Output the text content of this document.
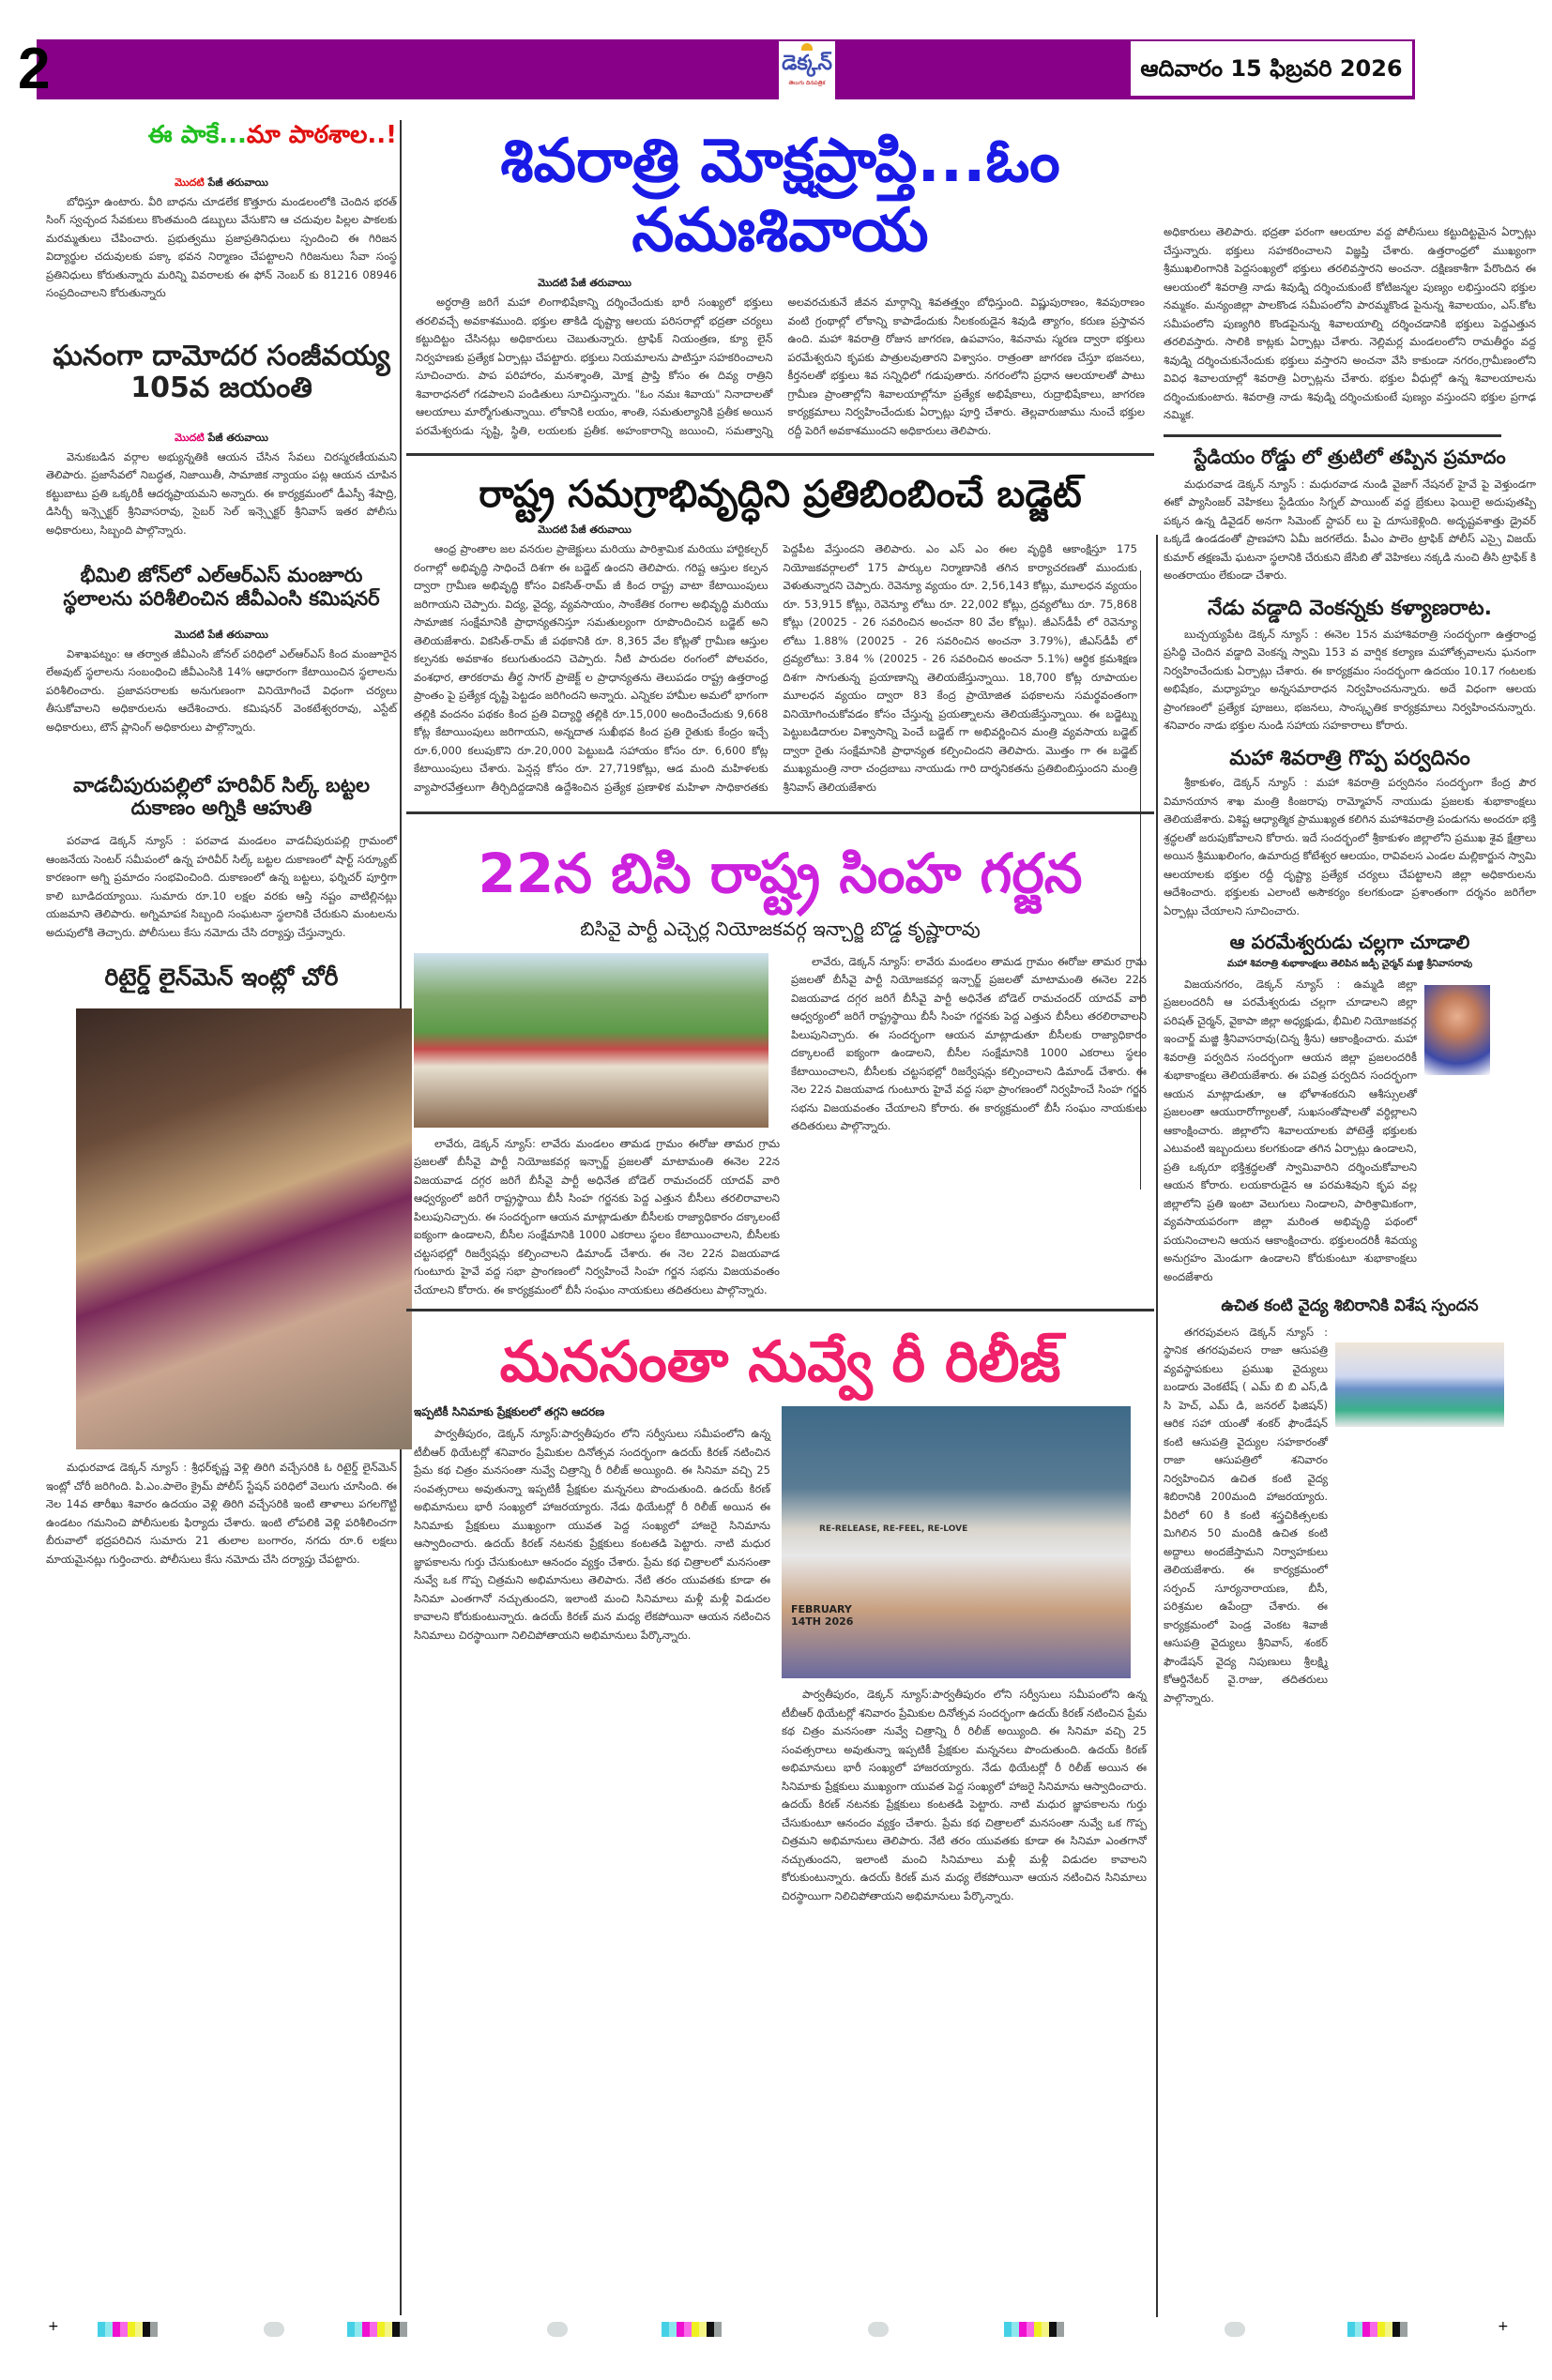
2	డెక్కన్
తెలుగు దినపత్రిక
ఆదివారం 15 ఫిబ్రవరి 2026
ఈ పాకే...మా పాఠశాల..!
మొదటి పేజీ తరువాయి

బోధిస్తూ ఉంటారు. వీరి బాధను చూడలేక కొత్తూరు మండలంలోకి చెందిన భరత్ సింగ్ స్వచ్ఛంద సేవకులు కొంతమంది డబ్బులు వేసుకొని ఆ చదువుల పిల్లల పాకలకు మరమ్మతులు చేపించారు. ప్రభుత్వము ప్రజాప్రతినిధులు స్పందించి ఈ గిరిజన విద్యార్థుల చదువులకు పక్కా భవన నిర్మాణం చేపట్టాలని గిరిజనులు సేవా సంస్థ ప్రతినిధులు కోరుతున్నారు మరిన్ని వివరాలకు ఈ ఫోన్ నెంబర్ కు 81216 08946 సంప్రదించాలని కోరుతున్నారు

ఘనంగా దామోదర సంజీవయ్య 105వ జయంతి
మొదటి పేజీ తరువాయి

వెనుకబడిన వర్గాల అభ్యున్నతికి ఆయన చేసిన సేవలు చిరస్మరణీయమని తెలిపారు. ప్రజాసేవలో నిబద్ధత, నిజాయితీ, సామాజిక న్యాయం పట్ల ఆయన చూపిన కట్టుబాటు ప్రతి ఒక్కరికీ ఆదర్శప్రాయమని అన్నారు. ఈ కార్యక్రమంలో డీఎస్పీ శేషాద్రి, డిసిర్బీ ఇన్స్పెక్టర్ శ్రీనివాసరావు, సైబర్ సెల్ ఇన్స్పెక్టర్ శ్రీనివాస్ ఇతర పోలీసు అధికారులు, సిబ్బంది పాల్గొన్నారు.

భీమిలి జోన్‌లో ఎల్‌ఆర్‌ఎస్ మంజూరు స్థలాలను పరిశీలించిన జీవీఎంసి కమిషనర్
మొదటి పేజీ తరువాయి

విశాఖపట్నం: ఆ తర్వాత జీవీఎంసి జోనల్ పరిధిలో ఎల్‌ఆర్‌ఎస్ కింద మంజూరైన లేఅవుట్ స్థలాలను సంబంధించి జీవీఎంసికి 14% ఆధారంగా కేటాయించిన స్థలాలను పరిశీలించారు. ప్రజావసరాలకు అనుగుణంగా వినియోగించే విధంగా చర్యలు తీసుకోవాలని అధికారులను ఆదేశించారు. కమిషనర్ వెంకటేశ్వరరావు, ఎస్టేట్ అధికారులు, టౌన్ ప్లానింగ్ అధికారులు పాల్గొన్నారు.

వాడచీపురుపల్లిలో హరివీర్ సిల్క్ బట్టల దుకాణం అగ్నికి ఆహుతి

పరవాడ డెక్కన్ న్యూస్ : పరవాడ మండలం వాడచీపురుపల్లి గ్రామంలో ఆంజనేయ సెంటర్ సమీపంలో ఉన్న హరివీర్ సిల్క్ బట్టల దుకాణంలో షార్ట్ సర్క్యూట్ కారణంగా అగ్ని ప్రమాదం సంభవించింది. దుకాణంలో ఉన్న బట్టలు, ఫర్నిచర్ పూర్తిగా కాలి బూడిదయ్యాయి. సుమారు రూ.10 లక్షల వరకు ఆస్తి నష్టం వాటిల్లినట్లు యజమాని తెలిపారు. అగ్నిమాపక సిబ్బంది సంఘటనా స్థలానికి చేరుకుని మంటలను అదుపులోకి తెచ్చారు. పోలీసులు కేసు నమోదు చేసి దర్యాప్తు చేస్తున్నారు.

రిటైర్డ్ లైన్‌మెన్ ఇంట్లో చోరీ

మధురవాడ డెక్కన్ న్యూస్ : శ్రీధర్‌కృష్ణ వెళ్లి తిరిగి వచ్చేసరికి ఓ రిటైర్డ్ లైన్‌మెన్ ఇంట్లో చోరీ జరిగింది. పి.ఎం.పాలెం క్రైమ్ పోలీస్ స్టేషన్ పరిధిలో వెలుగు చూసింది. ఈ నెల 14వ తారీఖు శివారం ఉదయం వెళ్లి తిరిగి వచ్చేసరికి ఇంటి తాళాలు పగలగొట్టి ఉండటం గమనించి పోలీసులకు ఫిర్యాదు చేశారు. ఇంటి లోపలికి వెళ్లి పరిశీలించగా బీరువాలో భద్రపరిచిన సుమారు 21 తులాల బంగారం, నగదు రూ.6 లక్షలు మాయమైనట్లు గుర్తించారు. పోలీసులు కేసు నమోదు చేసి దర్యాప్తు చేపట్టారు.

శివరాత్రి మోక్షప్రాప్తి...ఓం నమఃశివాయ
మొదటి పేజీ తరువాయి

అర్ధరాత్రి జరిగే మహా లింగాభిషేకాన్ని దర్శించేందుకు భారీ సంఖ్యలో భక్తులు తరలివచ్చే అవకాశముంది. భక్తుల తాకిడి దృష్ట్యా ఆలయ పరిసరాల్లో భద్రతా చర్యలు కట్టుదిట్టం చేసినట్లు అధికారులు చెబుతున్నారు. ట్రాఫిక్ నియంత్రణ, క్యూ లైన్ నిర్వహణకు ప్రత్యేక ఏర్పాట్లు చేపట్టారు. భక్తులు నియమాలను పాటిస్తూ సహకరించాలని సూచించారు. పాప పరిహారం, మనశ్శాంతి, మోక్ష ప్రాప్తి కోసం ఈ దివ్య రాత్రిని శివారాధనలో గడపాలని పండితులు సూచిస్తున్నారు. "ఓం నమః శివాయ" నినాదాలతో ఆలయాలు మార్మోగుతున్నాయి. లోకానికి లయం, శాంతి, సమతుల్యానికి ప్రతీక అయిన పరమేశ్వరుడు సృష్టి, స్థితి, లయలకు ప్రతీక. అహంకారాన్ని జయించి, సమత్వాన్ని అలవరచుకునే జీవన మార్గాన్ని శివతత్త్వం బోధిస్తుంది. విష్ణుపురాణం, శివపురాణం వంటి గ్రంథాల్లో లోకాన్ని కాపాడేందుకు నీలకంఠుడైన శివుడి త్యాగం, కరుణ ప్రస్తావన ఉంది. మహా శివరాత్రి రోజున జాగరణ, ఉపవాసం, శివనామ స్మరణ ద్వారా భక్తులు పరమేశ్వరుని కృపకు పాత్రులవుతారని విశ్వాసం. రాత్రంతా జాగరణ చేస్తూ భజనలు, కీర్తనలతో భక్తులు శివ సన్నిధిలో గడుపుతారు. నగరంలోని ప్రధాన ఆలయాలతో పాటు గ్రామీణ ప్రాంతాల్లోని శివాలయాల్లోనూ ప్రత్యేక అభిషేకాలు, రుద్రాభిషేకాలు, జాగరణ కార్యక్రమాలు నిర్వహించేందుకు ఏర్పాట్లు పూర్తి చేశారు. తెల్లవారుజాము నుంచే భక్తుల రద్దీ పెరిగే అవకాశముందని అధికారులు తెలిపారు.

రాష్ట్ర సమగ్రాభివృద్ధిని ప్రతిబింబించే బడ్జెట్
మొదటి పేజీ తరువాయి

ఆంధ్ర ప్రాంతాల జల వనరుల ప్రాజెక్టులు మరియు పారిశ్రామిక మరియు హార్టికల్చర్ రంగాల్లో అభివృద్ధి సాధించే దిశగా ఈ బడ్జెట్ ఉందని తెలిపారు. గరిష్ట ఆస్తుల కల్పన ద్వారా గ్రామీణ అభివృద్ధి కోసం వికసిత్-రామ్ జీ కింద రాష్ట్ర వాటా కేటాయింపులు జరిగాయని చెప్పారు. విద్య, వైద్య, వ్యవసాయం, సాంకేతిక రంగాల అభివృద్ధి మరియు సామాజిక సంక్షేమానికి ప్రాధాన్యతనిస్తూ సమతుల్యంగా రూపొందించిన బడ్జెట్ అని తెలియజేశారు. వికసిత్-రామ్ జీ పథకానికి రూ. 8,365 వేల కోట్లతో గ్రామీణ ఆస్తుల కల్పనకు అవకాశం కలుగుతుందని చెప్పారు. నీటి పారుదల రంగంలో పోలవరం, వంశధార, తారకరామ తీర్థ సాగర్ ప్రాజెక్ట్ ల ప్రాధాన్యతను తెలుపడం రాష్ట్ర ఉత్తరాంధ్ర ప్రాంతం పై ప్రత్యేక దృష్టి పెట్టడం జరిగిందని అన్నారు. ఎన్నికల హామీల అమలో భాగంగా తల్లికి వందనం పథకం కింద ప్రతి విద్యార్థి తల్లికి రూ.15,000 అందించేందుకు 9,668 కోట్ల కేటాయింపులు జరిగాయని, అన్నదాత సుఖీభవ కింద ప్రతి రైతుకు కేంద్రం ఇచ్చే రూ.6,000 కలుపుకొని రూ.20,000 పెట్టుబడి సహాయం కోసం రూ. 6,600 కోట్ల కేటాయింపులు చేశారు. పెన్షన్ల కోసం రూ. 27,719కోట్లు, ఆడ మంది మహిళలకు వ్యాపారవేత్తలుగా తీర్చిదిద్దడానికి ఉద్దేశించిన ప్రత్యేక ప్రణాళిక మహిళా సాధికారతకు పెద్దపీట వేస్తుందని తెలిపారు. ఎం ఎస్ ఎం ఈల వృద్ధికి ఆకాంక్షిస్తూ 175 నియోజకవర్గాలలో 175 పార్కుల నిర్మాణానికి తగిన కార్యాచరణతో ముందుకు వెళుతున్నారని చెప్పారు. రెవెన్యూ వ్యయం రూ. 2,56,143 కోట్లు, మూలధన వ్యయం రూ. 53,915 కోట్లు, రెవెన్యూ లోటు రూ. 22,002 కోట్లు, ద్రవ్యలోటు రూ. 75,868 కోట్లు (20025 - 26 సవరించిన అంచనా 80 వేల కోట్లు). జీఎస్‌డీపీ లో రెవెన్యూ లోటు 1.88% (20025 - 26 సవరించిన అంచనా 3.79%), జీఎస్‌డీపీ లో ద్రవ్యలోటు: 3.84 % (20025 - 26 సవరించిన అంచనా 5.1%) ఆర్థిక క్రమశిక్షణ దిశగా సాగుతున్న ప్రయాణాన్ని తెలియజేస్తున్నాయి. 18,700 కోట్ల రూపాయల మూలధన వ్యయం ద్వారా 83 కేంద్ర ప్రాయోజిత పథకాలను సమర్థవంతంగా వినియోగించుకోవడం కోసం చేస్తున్న ప్రయత్నాలను తెలియజేస్తున్నాయి. ఈ బడ్జెట్ను పెట్టుబడిదారుల విశ్వాసాన్ని పెంచే బడ్జెట్ గా అభివర్ణించిన మంత్రి వ్యవసాయ బడ్జెట్ ద్వారా రైతు సంక్షేమానికి ప్రాధాన్యత కల్పించిందని తెలిపారు. మొత్తం గా ఈ బడ్జెట్ ముఖ్యమంత్రి నారా చంద్రబాబు నాయుడు గారి దార్శనికతను ప్రతిబింబిస్తుందని మంత్రి శ్రీనివాస్ తెలియజేశారు

22న బిసి రాష్ట్ర సింహ గర్జన
బిసివై పార్టీ ఎచ్చెర్ల నియోజకవర్గ ఇన్చార్జి బొడ్డ కృష్ణారావు

లావేరు, డెక్కన్ న్యూస్: లావేరు మండలం తామడ గ్రామం ఈరోజు తామర గ్రామ ప్రజలతో బీసీవై పార్టీ నియోజకవర్గ ఇన్చార్జ్ ప్రజలతో మాటామంతి ఈనెల 22న విజయవాడ దగ్గర జరిగే బీసీవై పార్టీ అధినేత బోడెల్ రామచందర్ యాదవ్ వారి ఆధ్వర్యంలో జరిగే రాష్ట్రస్థాయి బీసీ సింహ గర్జనకు పెద్ద ఎత్తున బీసీలు తరలిరావాలని పిలుపునిచ్చారు. ఈ సందర్భంగా ఆయన మాట్లాడుతూ బీసీలకు రాజ్యాధికారం దక్కాలంటే ఐక్యంగా ఉండాలని, బీసీల సంక్షేమానికి 1000 ఎకరాలు స్థలం కేటాయించాలని, బీసీలకు చట్టసభల్లో రిజర్వేషన్లు కల్పించాలని డిమాండ్ చేశారు. ఈ నెల 22న విజయవాడ గుంటూరు హైవే వద్ద సభా ప్రాంగణంలో నిర్వహించే సింహ గర్జన సభను విజయవంతం చేయాలని కోరారు. ఈ కార్యక్రమంలో బీసీ సంఘం నాయకులు తదితరులు పాల్గొన్నారు.

లావేరు, డెక్కన్ న్యూస్: లావేరు మండలం తామడ గ్రామం ఈరోజు తామర గ్రామ ప్రజలతో బీసీవై పార్టీ నియోజకవర్గ ఇన్చార్జ్ ప్రజలతో మాటామంతి ఈనెల 22న విజయవాడ దగ్గర జరిగే బీసీవై పార్టీ అధినేత బోడెల్ రామచందర్ యాదవ్ వారి ఆధ్వర్యంలో జరిగే రాష్ట్రస్థాయి బీసీ సింహ గర్జనకు పెద్ద ఎత్తున బీసీలు తరలిరావాలని పిలుపునిచ్చారు. ఈ సందర్భంగా ఆయన మాట్లాడుతూ బీసీలకు రాజ్యాధికారం దక్కాలంటే ఐక్యంగా ఉండాలని, బీసీల సంక్షేమానికి 1000 ఎకరాలు స్థలం కేటాయించాలని, బీసీలకు చట్టసభల్లో రిజర్వేషన్లు కల్పించాలని డిమాండ్ చేశారు. ఈ నెల 22న విజయవాడ గుంటూరు హైవే వద్ద సభా ప్రాంగణంలో నిర్వహించే సింహ గర్జన సభను విజయవంతం చేయాలని కోరారు. ఈ కార్యక్రమంలో బీసీ సంఘం నాయకులు తదితరులు పాల్గొన్నారు.

మనసంతా నువ్వే రీ రిలీజ్
ఇప్పటికీ సినిమాకు ప్రేక్షకులలో తగ్గని ఆదరణ

పార్వతీపురం, డెక్కన్ న్యూస్:పార్వతీపురం లోని సర్వీసులు సమీపంలోని ఉన్న టీబీఆర్ థియేటర్లో శనివారం ప్రేమికుల దినోత్సవ సందర్భంగా ఉదయ్ కిరణ్ నటించిన ప్రేమ కథ చిత్రం మనసంతా నువ్వే చిత్రాన్ని రీ రిలీజ్ అయ్యింది. ఈ సినిమా వచ్చి 25 సంవత్సరాలు అవుతున్నా ఇప్పటికీ ప్రేక్షకుల మన్ననలు పొందుతుంది. ఉదయ్ కిరణ్ అభిమానులు భారీ సంఖ్యలో హాజరయ్యారు. నేడు థియేటర్లో రీ రిలీజ్ అయిన ఈ సినిమాకు ప్రేక్షకులు ముఖ్యంగా యువత పెద్ద సంఖ్యలో హాజరై సినిమాను ఆస్వాదించారు. ఉదయ్ కిరణ్ నటనకు ప్రేక్షకులు కంటతడి పెట్టారు. నాటి మధుర జ్ఞాపకాలను గుర్తు చేసుకుంటూ ఆనందం వ్యక్తం చేశారు. ప్రేమ కథ చిత్రాలలో మనసంతా నువ్వే ఒక గొప్ప చిత్రమని అభిమానులు తెలిపారు. నేటి తరం యువతకు కూడా ఈ సినిమా ఎంతగానో నచ్చుతుందని, ఇలాంటి మంచి సినిమాలు మళ్లీ మళ్లీ విడుదల కావాలని కోరుకుంటున్నారు. ఉదయ్ కిరణ్ మన మధ్య లేకపోయినా ఆయన నటించిన సినిమాలు చిరస్థాయిగా నిలిచిపోతాయని అభిమానులు పేర్కొన్నారు.

RE-RELEASE, RE-FEEL, RE-LOVE
FEBRUARY 14TH 2026

పార్వతీపురం, డెక్కన్ న్యూస్:పార్వతీపురం లోని సర్వీసులు సమీపంలోని ఉన్న టీబీఆర్ థియేటర్లో శనివారం ప్రేమికుల దినోత్సవ సందర్భంగా ఉదయ్ కిరణ్ నటించిన ప్రేమ కథ చిత్రం మనసంతా నువ్వే చిత్రాన్ని రీ రిలీజ్ అయ్యింది. ఈ సినిమా వచ్చి 25 సంవత్సరాలు అవుతున్నా ఇప్పటికీ ప్రేక్షకుల మన్ననలు పొందుతుంది. ఉదయ్ కిరణ్ అభిమానులు భారీ సంఖ్యలో హాజరయ్యారు. నేడు థియేటర్లో రీ రిలీజ్ అయిన ఈ సినిమాకు ప్రేక్షకులు ముఖ్యంగా యువత పెద్ద సంఖ్యలో హాజరై సినిమాను ఆస్వాదించారు. ఉదయ్ కిరణ్ నటనకు ప్రేక్షకులు కంటతడి పెట్టారు. నాటి మధుర జ్ఞాపకాలను గుర్తు చేసుకుంటూ ఆనందం వ్యక్తం చేశారు. ప్రేమ కథ చిత్రాలలో మనసంతా నువ్వే ఒక గొప్ప చిత్రమని అభిమానులు తెలిపారు. నేటి తరం యువతకు కూడా ఈ సినిమా ఎంతగానో నచ్చుతుందని, ఇలాంటి మంచి సినిమాలు మళ్లీ మళ్లీ విడుదల కావాలని కోరుకుంటున్నారు. ఉదయ్ కిరణ్ మన మధ్య లేకపోయినా ఆయన నటించిన సినిమాలు చిరస్థాయిగా నిలిచిపోతాయని అభిమానులు పేర్కొన్నారు.

అధికారులు తెలిపారు. భద్రతా పరంగా ఆలయాల వద్ద పోలీసులు కట్టుదిట్టమైన ఏర్పాట్లు చేస్తున్నారు. భక్తులు సహకరించాలని విజ్ఞప్తి చేశారు. ఉత్తరాంధ్రలో ముఖ్యంగా శ్రీముఖలింగానికి పెద్దసంఖ్యలో భక్తులు తరలివస్తారని అంచనా. దక్షిణకాశీగా పేరొందిన ఈ ఆలయంలో శివరాత్రి నాడు శివుడ్ని దర్శించుకుంటే కోటిజన్మల పుణ్యం లభిస్తుందని భక్తుల నమ్మకం. మన్యంజిల్లా పాలకొండ సమీపంలోని పారమ్మకొండ పైనున్న శివాలయం, ఎస్.కోట సమీపంలోని పుణ్యగిరి కొండపైనున్న శివాలయాల్ని దర్శించడానికి భక్తులు పెద్దఎత్తున తరలివస్తారు. సాలికి కాట్లకు ఏర్పాట్లు చేశారు. నెల్లిమర్ల మండలంలోని రామతీర్థం వద్ద శివుడ్ని దర్శించుకునేందుకు భక్తులు వస్తారని అంచనా వేసి కాకుండా నగరం,గ్రామీణంలోని వివిధ శివాలయాల్లో శివరాత్రి ఏర్పాట్లను చేశారు. భక్తుల వీధుల్లో ఉన్న శివాలయాలను దర్శించుకుంటారు. శివరాత్రి నాడు శివుడ్ని దర్శించుకుంటే పుణ్యం వస్తుందని భక్తుల ప్రగాఢ నమ్మిక.

స్టేడియం రోడ్డు లో త్రుటిలో తప్పిన ప్రమాదం

మధురవాడ డెక్కన్ న్యూస్ : మధురవాడ నుండి వైజాగ్ నేషనల్ హైవే పై వెళ్తుండగా ఈకో ప్యాసింజర్ వెహికలు స్టేడియం సిగ్నల్ పాయింట్ వద్ద బ్రేకులు ఫెయిలై అదుపుతప్పి పక్కన ఉన్న డివైడర్ అనగా సిమెంట్ స్టాపర్ లు పై దూసుకెళ్లింది. అదృష్టవశాత్తు డ్రైవర్ ఒక్కడే ఉండడంతో ప్రాణహాని ఏమీ జరగలేదు. పీఎం పాలెం ట్రాఫిక్ పోలీస్ ఎస్సై విజయ్ కుమార్ తక్షణమే ఘటనా స్థలానికి చేరుకుని జేసిబి తో వెహికలు నక్కడి నుంచి తీసి ట్రాఫిక్ కి అంతరాయం లేకుండా చేశారు.

నేడు వడ్డాది వెంకన్నకు కళ్యాణరాట.

బుచ్చయ్యపేట డెక్కన్ న్యూస్ : ఈనెల 15న మహాశివరాత్రి సందర్భంగా ఉత్తరాంధ్ర ప్రసిద్ధి చెందిన వడ్డాది వెంకన్న స్వామి 153 వ వార్షిక కల్యాణ మహోత్సవాలను ఘనంగా నిర్వహించేందుకు ఏర్పాట్లు చేశారు. ఈ కార్యక్రమం సందర్భంగా ఉదయం 10.17 గంటలకు అభిషేకం, మధ్యాహ్నం అన్నసమారాధన నిర్వహించనున్నారు. అదే విధంగా ఆలయ ప్రాంగణంలో ప్రత్యేక పూజలు, భజనలు, సాంస్కృతిక కార్యక్రమాలు నిర్వహించనున్నారు. శనివారం నాడు భక్తుల నుండి సహాయ సహకారాలు కోరారు.

మహా శివరాత్రి గొప్ప పర్వదినం

శ్రీకాకుళం, డెక్కన్ న్యూస్ : మహా శివరాత్రి పర్వదినం సందర్భంగా కేంద్ర పౌర విమానయాన శాఖ మంత్రి కింజరాపు రామ్మోహన్ నాయుడు ప్రజలకు శుభాకాంక్షలు తెలియజేశారు. విశిష్ట ఆధ్యాత్మిక ప్రాముఖ్యత కలిగిన మహాశివరాత్రి పండుగను అందరూ భక్తి శ్రద్ధలతో జరుపుకోవాలని కోరారు. ఇదే సందర్భంలో శ్రీకాకుళం జిల్లాలోని ప్రముఖ శైవ క్షేత్రాలు అయిన శ్రీముఖలింగం, ఉమారుద్ర కోటేశ్వర ఆలయం, రావివలస ఎండల మల్లికార్జున స్వామి ఆలయాలకు భక్తుల రద్దీ దృష్ట్యా ప్రత్యేక చర్యలు చేపట్టాలని జిల్లా అధికారులను ఆదేశించారు. భక్తులకు ఎలాంటి అసౌకర్యం కలగకుండా ప్రశాంతంగా దర్శనం జరిగేలా ఏర్పాట్లు చేయాలని సూచించారు.

ఆ పరమేశ్వరుడు చల్లగా చూడాలి
మహా శివరాత్రి శుభాకాంక్షలు తెలిపిన జడ్పీ చైర్మన్ మజ్జి శ్రీనివాసరావు

విజయనగరం, డెక్కన్ న్యూస్ : ఉమ్మడి జిల్లా ప్రజలందరినీ ఆ పరమేశ్వరుడు చల్లగా చూడాలని జిల్లా పరిషత్ చైర్మన్, వైకాపా జిల్లా అధ్యక్షుడు, భీమిలి నియోజకవర్గ ఇంచార్జ్ మజ్జి శ్రీనివాసరావు(చిన్న శ్రీను) ఆకాంక్షించారు. మహా శివరాత్రి పర్వదిన సందర్భంగా ఆయన జిల్లా ప్రజలందరికీ శుభాకాంక్షలు తెలియజేశారు. ఈ పవిత్ర పర్వదిన సందర్భంగా ఆయన మాట్లాడుతూ, ఆ భోళాశంకరుని ఆశీస్సులతో ప్రజలంతా ఆయురారోగ్యాలతో, సుఖసంతోషాలతో వర్ధిల్లాలని ఆకాంక్షించారు. జిల్లాలోని శివాలయాలకు పోటెత్తే భక్తులకు ఎటువంటి ఇబ్బందులు కలగకుండా తగిన ఏర్పాట్లు ఉండాలని, ప్రతి ఒక్కరూ భక్తిశ్రద్ధలతో స్వామివారిని దర్శించుకోవాలని ఆయన కోరారు. లయకారుడైన ఆ పరమశివుని కృప వల్ల జిల్లాలోని ప్రతి ఇంటా వెలుగులు నిండాలని, పారిశ్రామికంగా, వ్యవసాయపరంగా జిల్లా మరింత అభివృద్ధి పథంలో పయనించాలని ఆయన ఆకాంక్షించారు. భక్తులందరికీ శివయ్య అనుగ్రహం మెండుగా ఉండాలని కోరుకుంటూ శుభాకాంక్షలు అందజేశారు

ఉచిత కంటి వైద్య శిబిరానికి విశేష స్పందన

తగరపువలస డెక్కన్ న్యూస్ : స్థానిక తగరపువలస రాజా ఆసుపత్రి వ్యవస్థాపకులు ప్రముఖ వైద్యులు బండారు వెంకటేష్ ( ఎమ్ బి బి ఎస్,డి సి హెచ్, ఎమ్ డి, జనరల్ ఫిజిషన్) ఆరిక సహా యంతో శంకర్ ఫౌండేషన్ కంటి ఆసుపత్రి వైద్యుల సహకారంతో రాజా ఆసుపత్రిలో శనివారం నిర్వహించిన ఉచిత కంటి వైద్య శిబిరానికి 200మంది హాజరయ్యారు. వీరిలో 60 కి కంటి శస్త్రచికిత్సలకు మిగిలిన 50 మందికి ఉచిత కంటి అద్దాలు అందజేస్తామని నిర్వాహకులు తెలియజేశారు. ఈ కార్యక్రమంలో సర్పంచ్ సూర్యనారాయణ, బీసీ, పరిశ్రమల ఉపేంద్రా చేశారు. ఈ కార్యక్రమంలో పెండ్ర వెంకట శివాజీ ఆసుపత్రి వైద్యులు శ్రీనివాస్, శంకర్ ఫౌండేషన్ వైద్య నిపుణులు శ్రీలక్ష్మి కోఆర్డినేటర్ వై.రాజు, తదితరులు పాల్గొన్నారు.

+	+
